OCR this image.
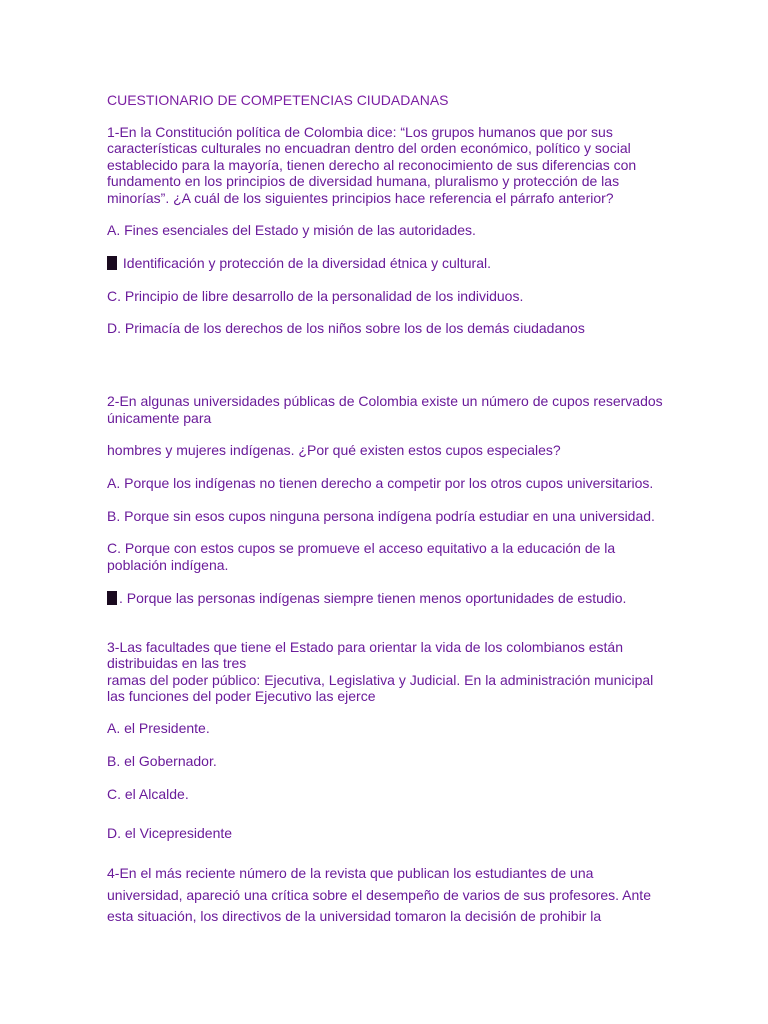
CUESTIONARIO DE COMPETENCIAS CIUDADANAS

1-En la Constitución política de Colombia dice: “Los grupos humanos que por sus

características culturales no encuadran dentro del orden económico, político y social

establecido para la mayoría, tienen derecho al reconocimiento de sus diferencias con

fundamento en los principios de diversidad humana, pluralismo y protección de las

minorías”. ¿A cuál de los siguientes principios hace referencia el párrafo anterior?

A. Fines esenciales del Estado y misión de las autoridades.

Identificación y protección de la diversidad étnica y cultural.

C. Principio de libre desarrollo de la personalidad de los individuos.

D. Primacía de los derechos de los niños sobre los de los demás ciudadanos

2-En algunas universidades públicas de Colombia existe un número de cupos reservados

únicamente para

hombres y mujeres indígenas. ¿Por qué existen estos cupos especiales?

A. Porque los indígenas no tienen derecho a competir por los otros cupos universitarios.

B. Porque sin esos cupos ninguna persona indígena podría estudiar en una universidad.

C. Porque con estos cupos se promueve el acceso equitativo a la educación de la

población indígena.

. Porque las personas indígenas siempre tienen menos oportunidades de estudio.

3-Las facultades que tiene el Estado para orientar la vida de los colombianos están

distribuidas en las tres

ramas del poder público: Ejecutiva, Legislativa y Judicial. En la administración municipal

las funciones del poder Ejecutivo las ejerce

A. el Presidente.

B. el Gobernador.

C. el Alcalde.

D. el Vicepresidente

4-En el más reciente número de la revista que publican los estudiantes de una

universidad, apareció una crítica sobre el desempeño de varios de sus profesores. Ante

esta situación, los directivos de la universidad tomaron la decisión de prohibir la
